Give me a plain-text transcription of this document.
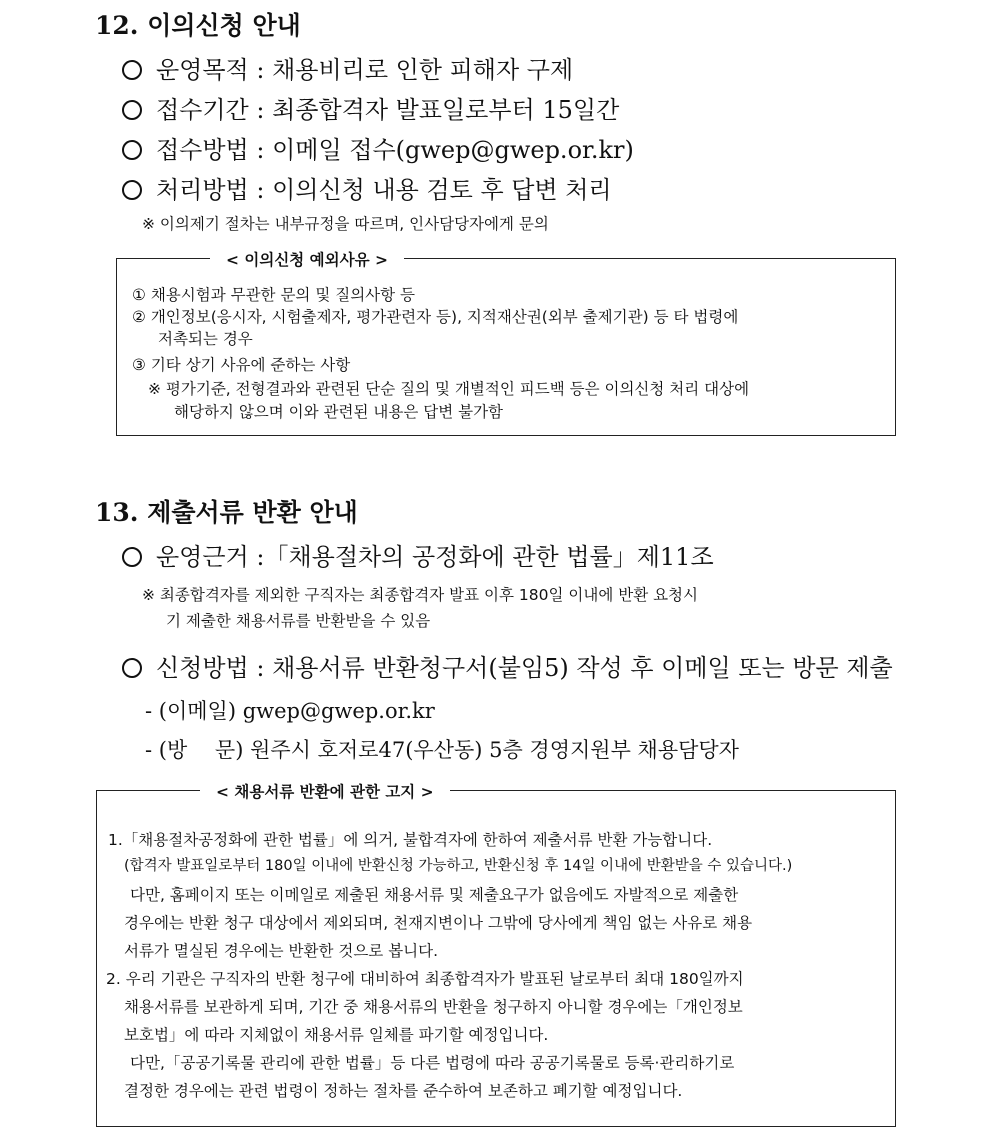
12. 이의신청 안내
운영목적 : 채용비리로 인한 피해자 구제
접수기간 : 최종합격자 발표일로부터 15일간
접수방법 : 이메일 접수(gwep@gwep.or.kr)
처리방법 : 이의신청 내용 검토 후 답변 처리
※ 이의제기 절차는 내부규정을 따르며, 인사담당자에게 문의
< 이의신청 예외사유 >
① 채용시험과 무관한 문의 및 질의사항 등
② 개인정보(응시자, 시험출제자, 평가관련자 등), 지적재산권(외부 출제기관) 등 타 법령에
저촉되는 경우
③ 기타 상기 사유에 준하는 사항
※ 평가기준, 전형결과와 관련된 단순 질의 및 개별적인 피드백 등은 이의신청 처리 대상에
해당하지 않으며 이와 관련된 내용은 답변 불가함
13. 제출서류 반환 안내
운영근거 :「채용절차의 공정화에 관한 법률」제11조
※ 최종합격자를 제외한 구직자는 최종합격자 발표 이후 180일 이내에 반환 요청시
기 제출한 채용서류를 반환받을 수 있음
신청방법 : 채용서류 반환청구서(붙임5) 작성 후 이메일 또는 방문 제출
- (이메일) gwep@gwep.or.kr
- (방　 문) 원주시 호저로47(우산동) 5층 경영지원부 채용담당자
< 채용서류 반환에 관한 고지 >
1.「채용절차공정화에 관한 법률」에 의거, 불합격자에 한하여 제출서류 반환 가능합니다.
(합격자 발표일로부터 180일 이내에 반환신청 가능하고, 반환신청 후 14일 이내에 반환받을 수 있습니다.)
다만, 홈페이지 또는 이메일로 제출된 채용서류 및 제출요구가 없음에도 자발적으로 제출한
경우에는 반환 청구 대상에서 제외되며, 천재지변이나 그밖에 당사에게 책임 없는 사유로 채용
서류가 멸실된 경우에는 반환한 것으로 봅니다.
2. 우리 기관은 구직자의 반환 청구에 대비하여 최종합격자가 발표된 날로부터 최대 180일까지
채용서류를 보관하게 되며, 기간 중 채용서류의 반환을 청구하지 아니할 경우에는「개인정보
보호법」에 따라 지체없이 채용서류 일체를 파기할 예정입니다.
다만,「공공기록물 관리에 관한 법률」등 다른 법령에 따라 공공기록물로 등록·관리하기로
결정한 경우에는 관련 법령이 정하는 절차를 준수하여 보존하고 폐기할 예정입니다.
